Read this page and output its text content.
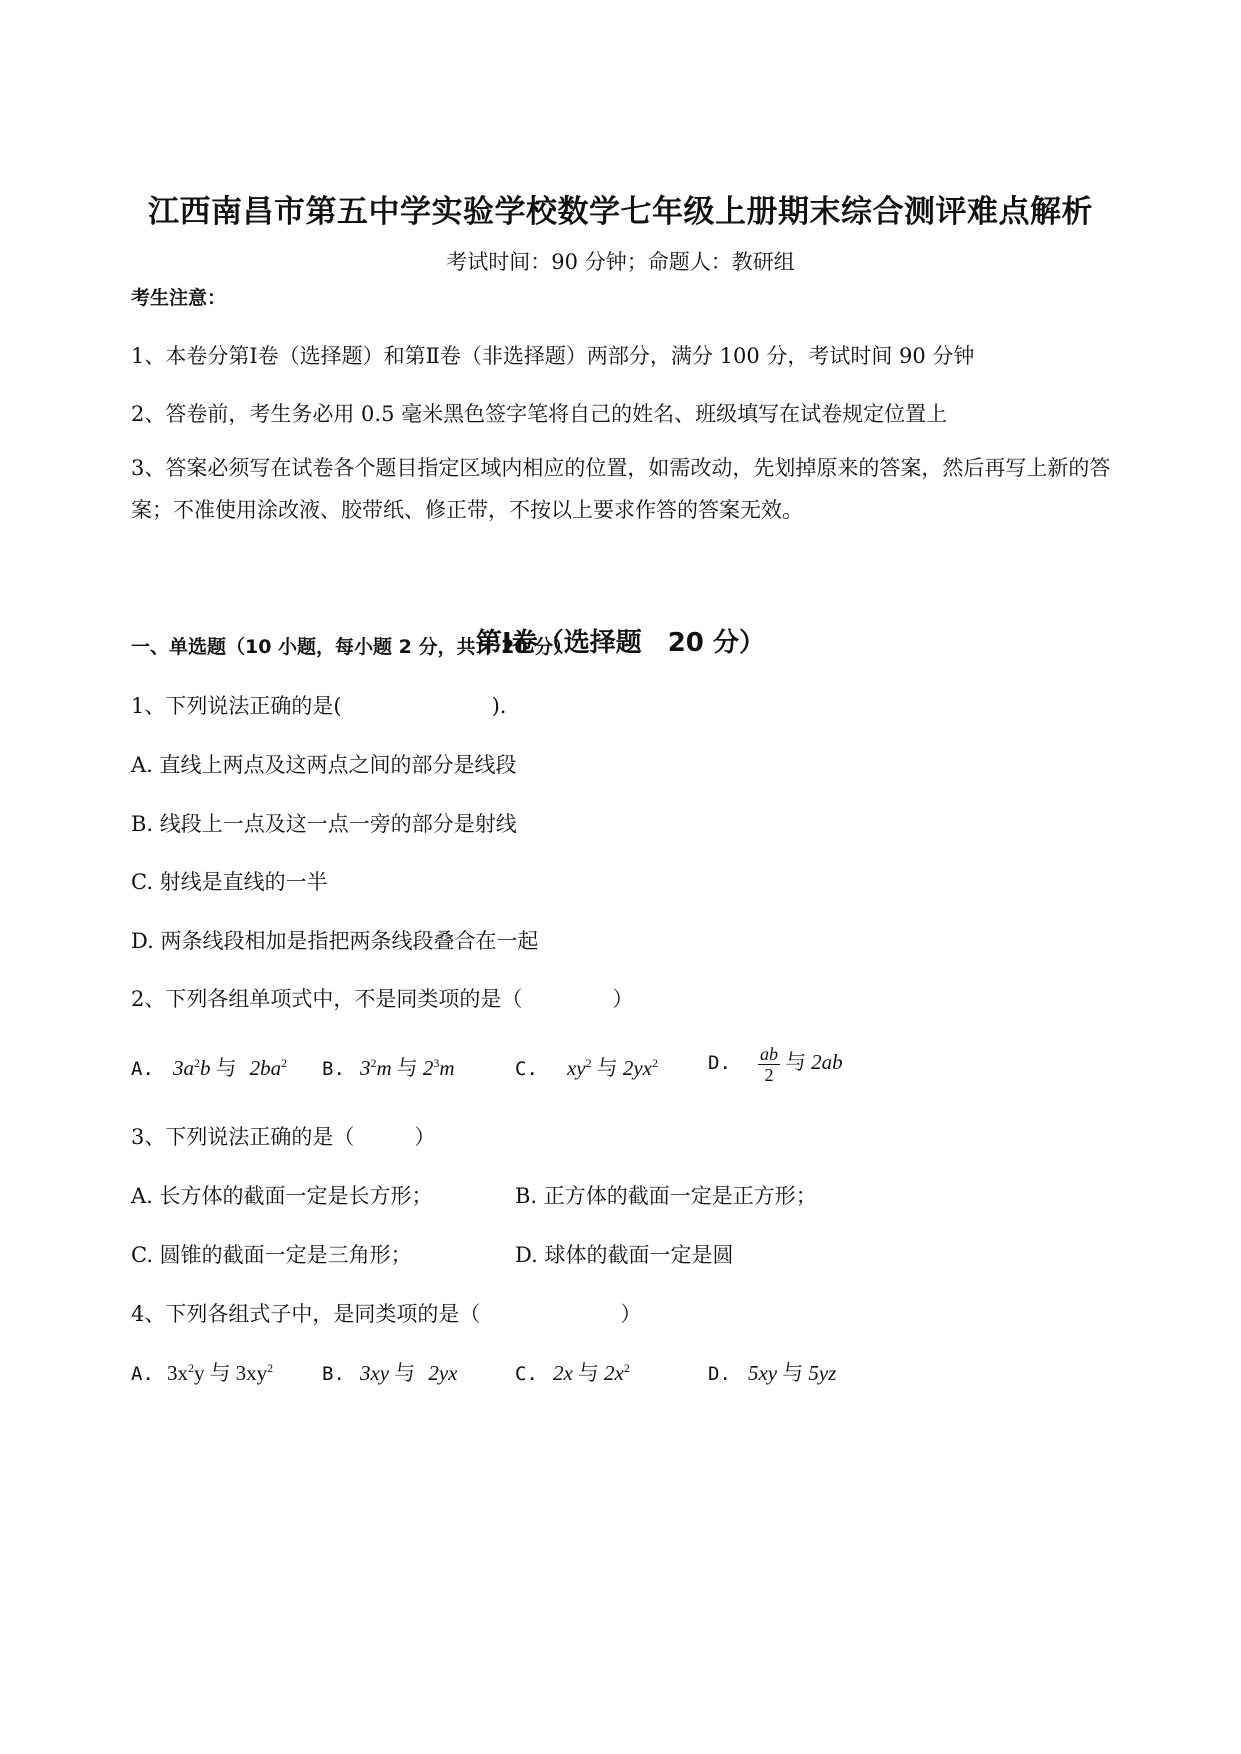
江西南昌市第五中学实验学校数学七年级上册期末综合测评难点解析
考试时间：90 分钟；命题人：教研组
考生注意：
1、本卷分第Ⅰ卷（选择题）和第Ⅱ卷（非选择题）两部分，满分 100 分，考试时间 90 分钟
2、答卷前，考生务必用 0.5 毫米黑色签字笔将自己的姓名、班级填写在试卷规定位置上
3、答案必须写在试卷各个题目指定区域内相应的位置，如需改动，先划掉原来的答案，然后再写上新的答案；不准使用涂改液、胶带纸、修正带，不按以上要求作答的答案无效。
第Ⅰ卷（选择题　20 分）
一、单选题（10 小题，每小题 2 分，共计 20 分）
1、下列说法正确的是(	).
A. 直线上两点及这两点之间的部分是线段
B. 线段上一点及这一点一旁的部分是射线
C. 射线是直线的一半
D. 两条线段相加是指把两条线段叠合在一起
2、下列各组单项式中，不是同类项的是（	）
A. $3a^2b$ 与 $2ba^2$ B. $3^2m$ 与 $2^3m$	C. $xy^2$ 与 $2yx^2$	D. $\frac{ab}{2}$ 与 2ab
3、下列说法正确的是（	）
A. 长方体的截面一定是长方形；	B. 正方体的截面一定是正方形；
C. 圆锥的截面一定是三角形；	D. 球体的截面一定是圆
4、下列各组式子中，是同类项的是（	）
A. $3x^2y$ 与 $3xy^2$	B. 3xy 与 2yx	C. 2x 与 $2x^2$	D. 5xy 与 5yz
